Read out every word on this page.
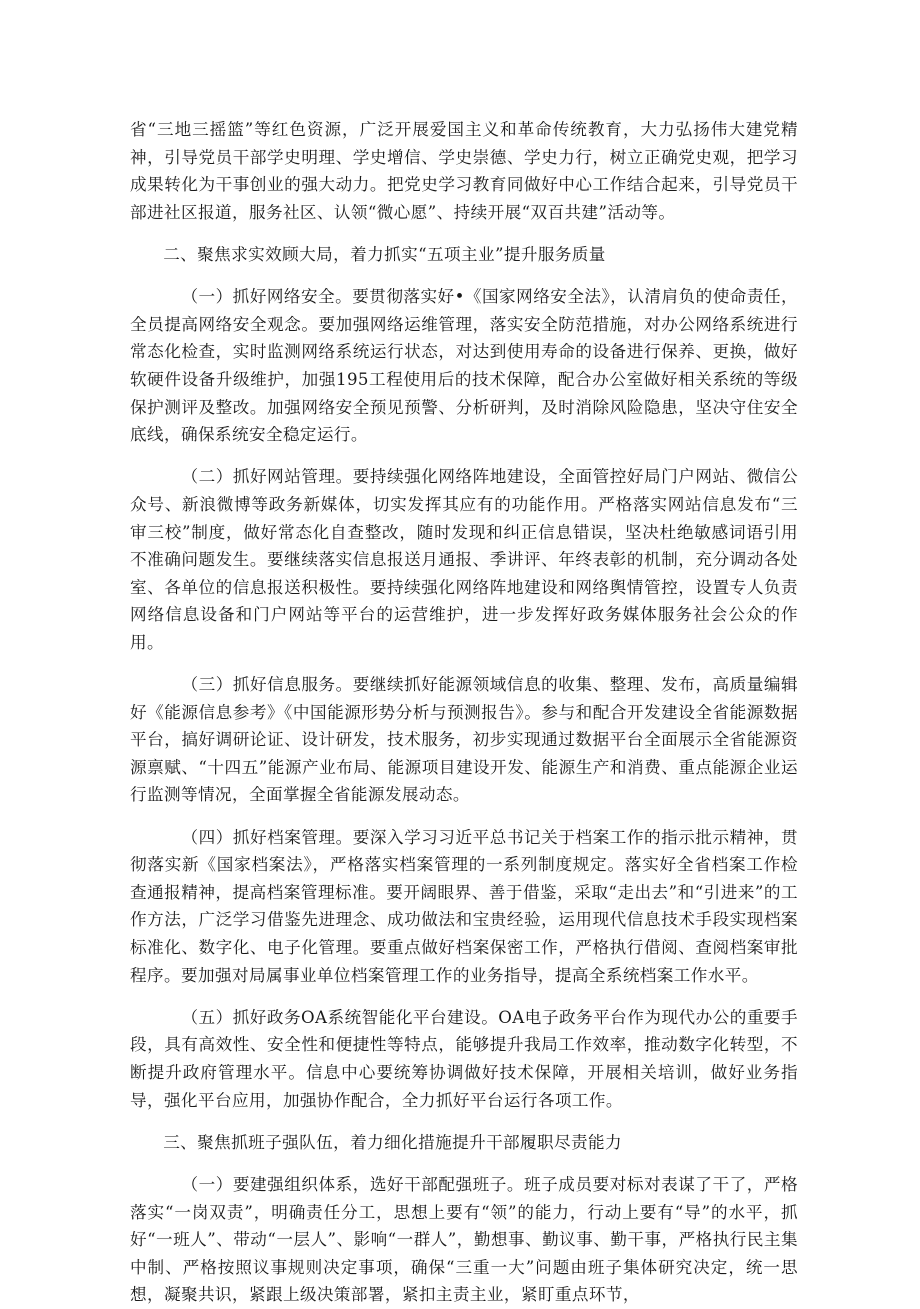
省“三地三摇篮”等红色资源，广泛开展爱国主义和革命传统教育，大力弘扬伟大建党精神，引导党员干部学史明理、学史增信、学史崇德、学史力行，树立正确党史观，把学习成果转化为干事创业的强大动力。把党史学习教育同做好中心工作结合起来，引导党员干部进社区报道，服务社区、认领“微心愿”、持续开展“双百共建”活动等。

二、聚焦求实效顾大局，着力抓实“五项主业”提升服务质量

（一）抓好网络安全。要贯彻落实好•《国家网络安全法》，认清肩负的使命责任，全员提高网络安全观念。要加强网络运维管理，落实安全防范措施，对办公网络系统进行常态化检查，实时监测网络系统运行状态，对达到使用寿命的设备进行保养、更换，做好软硬件设备升级维护，加强195工程使用后的技术保障，配合办公室做好相关系统的等级保护测评及整改。加强网络安全预见预警、分析研判，及时消除风险隐患，坚决守住安全底线，确保系统安全稳定运行。

（二）抓好网站管理。要持续强化网络阵地建设，全面管控好局门户网站、微信公众号、新浪微博等政务新媒体，切实发挥其应有的功能作用。严格落实网站信息发布“三审三校”制度，做好常态化自查整改，随时发现和纠正信息错误，坚决杜绝敏感词语引用不准确问题发生。要继续落实信息报送月通报、季讲评、年终表彰的机制，充分调动各处室、各单位的信息报送积极性。要持续强化网络阵地建设和网络舆情管控，设置专人负责网络信息设备和门户网站等平台的运营维护，进一步发挥好政务媒体服务社会公众的作用。

（三）抓好信息服务。要继续抓好能源领域信息的收集、整理、发布，高质量编辑好《能源信息参考》《中国能源形势分析与预测报告》。参与和配合开发建设全省能源数据平台，搞好调研论证、设计研发，技术服务，初步实现通过数据平台全面展示全省能源资源禀赋、“十四五”能源产业布局、能源项目建设开发、能源生产和消费、重点能源企业运行监测等情况，全面掌握全省能源发展动态。

（四）抓好档案管理。要深入学习习近平总书记关于档案工作的指示批示精神，贯彻落实新《国家档案法》，严格落实档案管理的一系列制度规定。落实好全省档案工作检查通报精神，提高档案管理标准。要开阔眼界、善于借鉴，采取“走出去”和“引进来”的工作方法，广泛学习借鉴先进理念、成功做法和宝贵经验，运用现代信息技术手段实现档案标准化、数字化、电子化管理。要重点做好档案保密工作，严格执行借阅、查阅档案审批程序。要加强对局属事业单位档案管理工作的业务指导，提高全系统档案工作水平。

（五）抓好政务OA系统智能化平台建设。OA电子政务平台作为现代办公的重要手段，具有高效性、安全性和便捷性等特点，能够提升我局工作效率，推动数字化转型，不断提升政府管理水平。信息中心要统筹协调做好技术保障，开展相关培训，做好业务指导，强化平台应用，加强协作配合，全力抓好平台运行各项工作。

三、聚焦抓班子强队伍，着力细化措施提升干部履职尽责能力

（一）要建强组织体系，选好干部配强班子。班子成员要对标对表谋了干了，严格落实“一岗双责”，明确责任分工，思想上要有“领”的能力，行动上要有“导”的水平，抓好“一班人”、带动“一层人”、影响“一群人”，勤想事、勤议事、勤干事，严格执行民主集中制、严格按照议事规则决定事项，确保“三重一大”问题由班子集体研究决定，统一思想，凝聚共识，紧跟上级决策部署，紧扣主责主业，紧盯重点环节，
